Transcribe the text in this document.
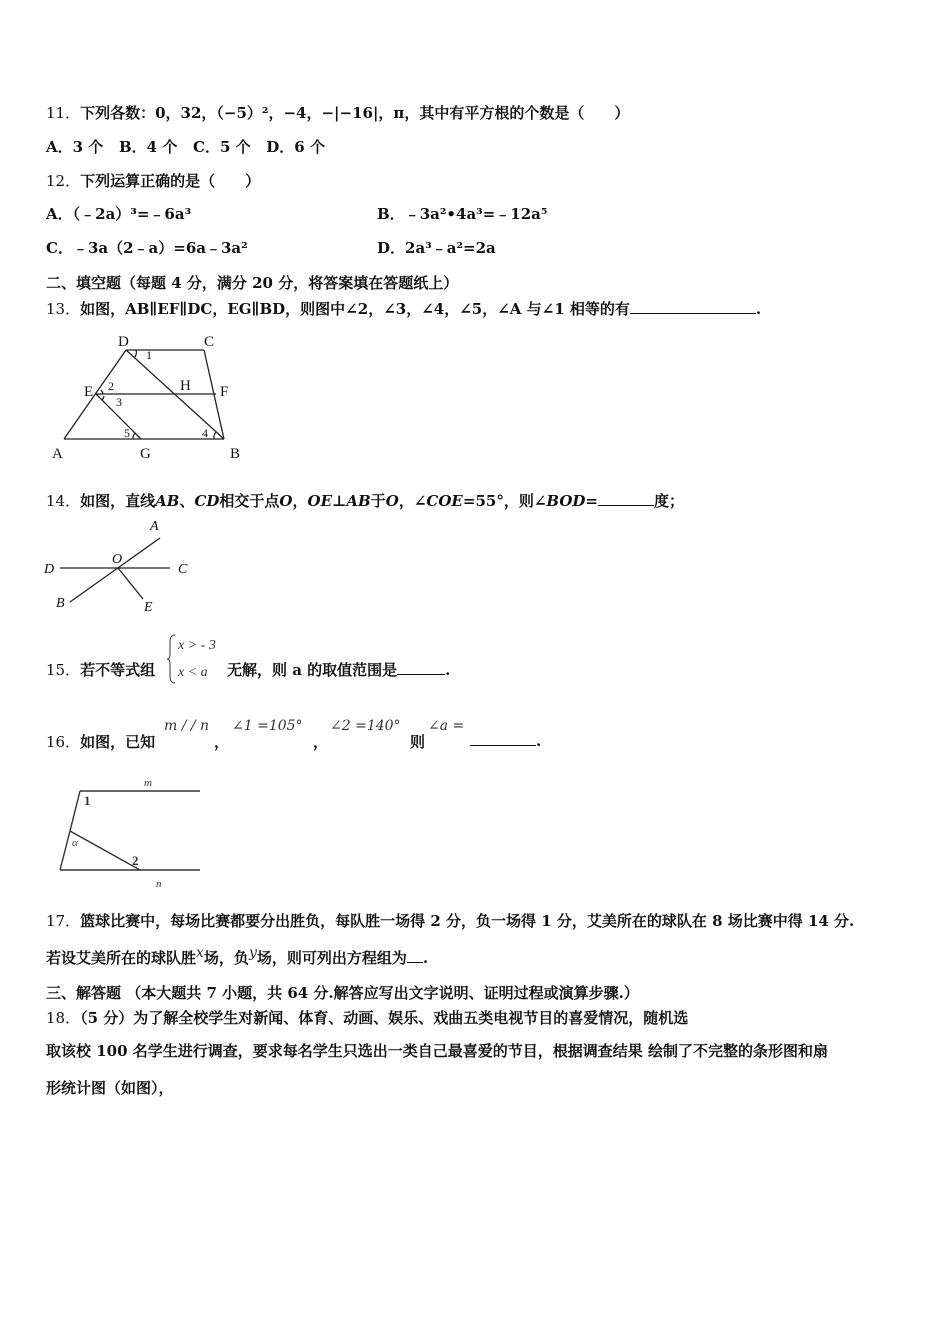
11．下列各数：0，32，（−5）²，−4，−|−16|，π，其中有平方根的个数是（　　）
A．3 个 B．4 个 C．5 个 D．6 个
12．下列运算正确的是（　　）
A．（﹣2a）³=﹣6a³	B．﹣3a²•4a³=﹣12a⁵
C．﹣3a（2﹣a）=6a﹣3a²	D．2a³﹣a²=2a
二、填空题（每题 4 分，满分 20 分，将答案填在答题纸上）
13．如图，AB∥EF∥DC，EG∥BD，则图中∠2，∠3，∠4，∠5，∠A 与∠1 相等的有	.
D	C
E	H F
A	G	B
1
2
3
4
5
14．如图，直线AB、CD相交于点O，OE⊥AB于O，∠COE=55°，则∠BOD=	度；
A
D
O
C
B	E
15．若不等式组
x > - 3
x < a 无解，则 a 的取值范围是	.
16．如图，已知
m / / n
，
∠1 =105°
，
∠2 =140°
则
∠a =
.
m
n
1
2
α
17．篮球比赛中，每场比赛都要分出胜负，每队胜一场得 2 分，负一场得 1 分，艾美所在的球队在 8 场比赛中得 14 分.
若设艾美所在的球队胜x场，负y场，则可列出方程组为 .
三、解答题 （本大题共 7 小题，共 64 分.解答应写出文字说明、证明过程或演算步骤.）
18．（5 分）为了解全校学生对新闻、体育、动画、娱乐、戏曲五类电视节目的喜爱情况，随机选
取该校 100 名学生进行调查，要求每名学生只选出一类自己最喜爱的节目，根据调查结果 绘制了不完整的条形图和扇
形统计图（如图），
